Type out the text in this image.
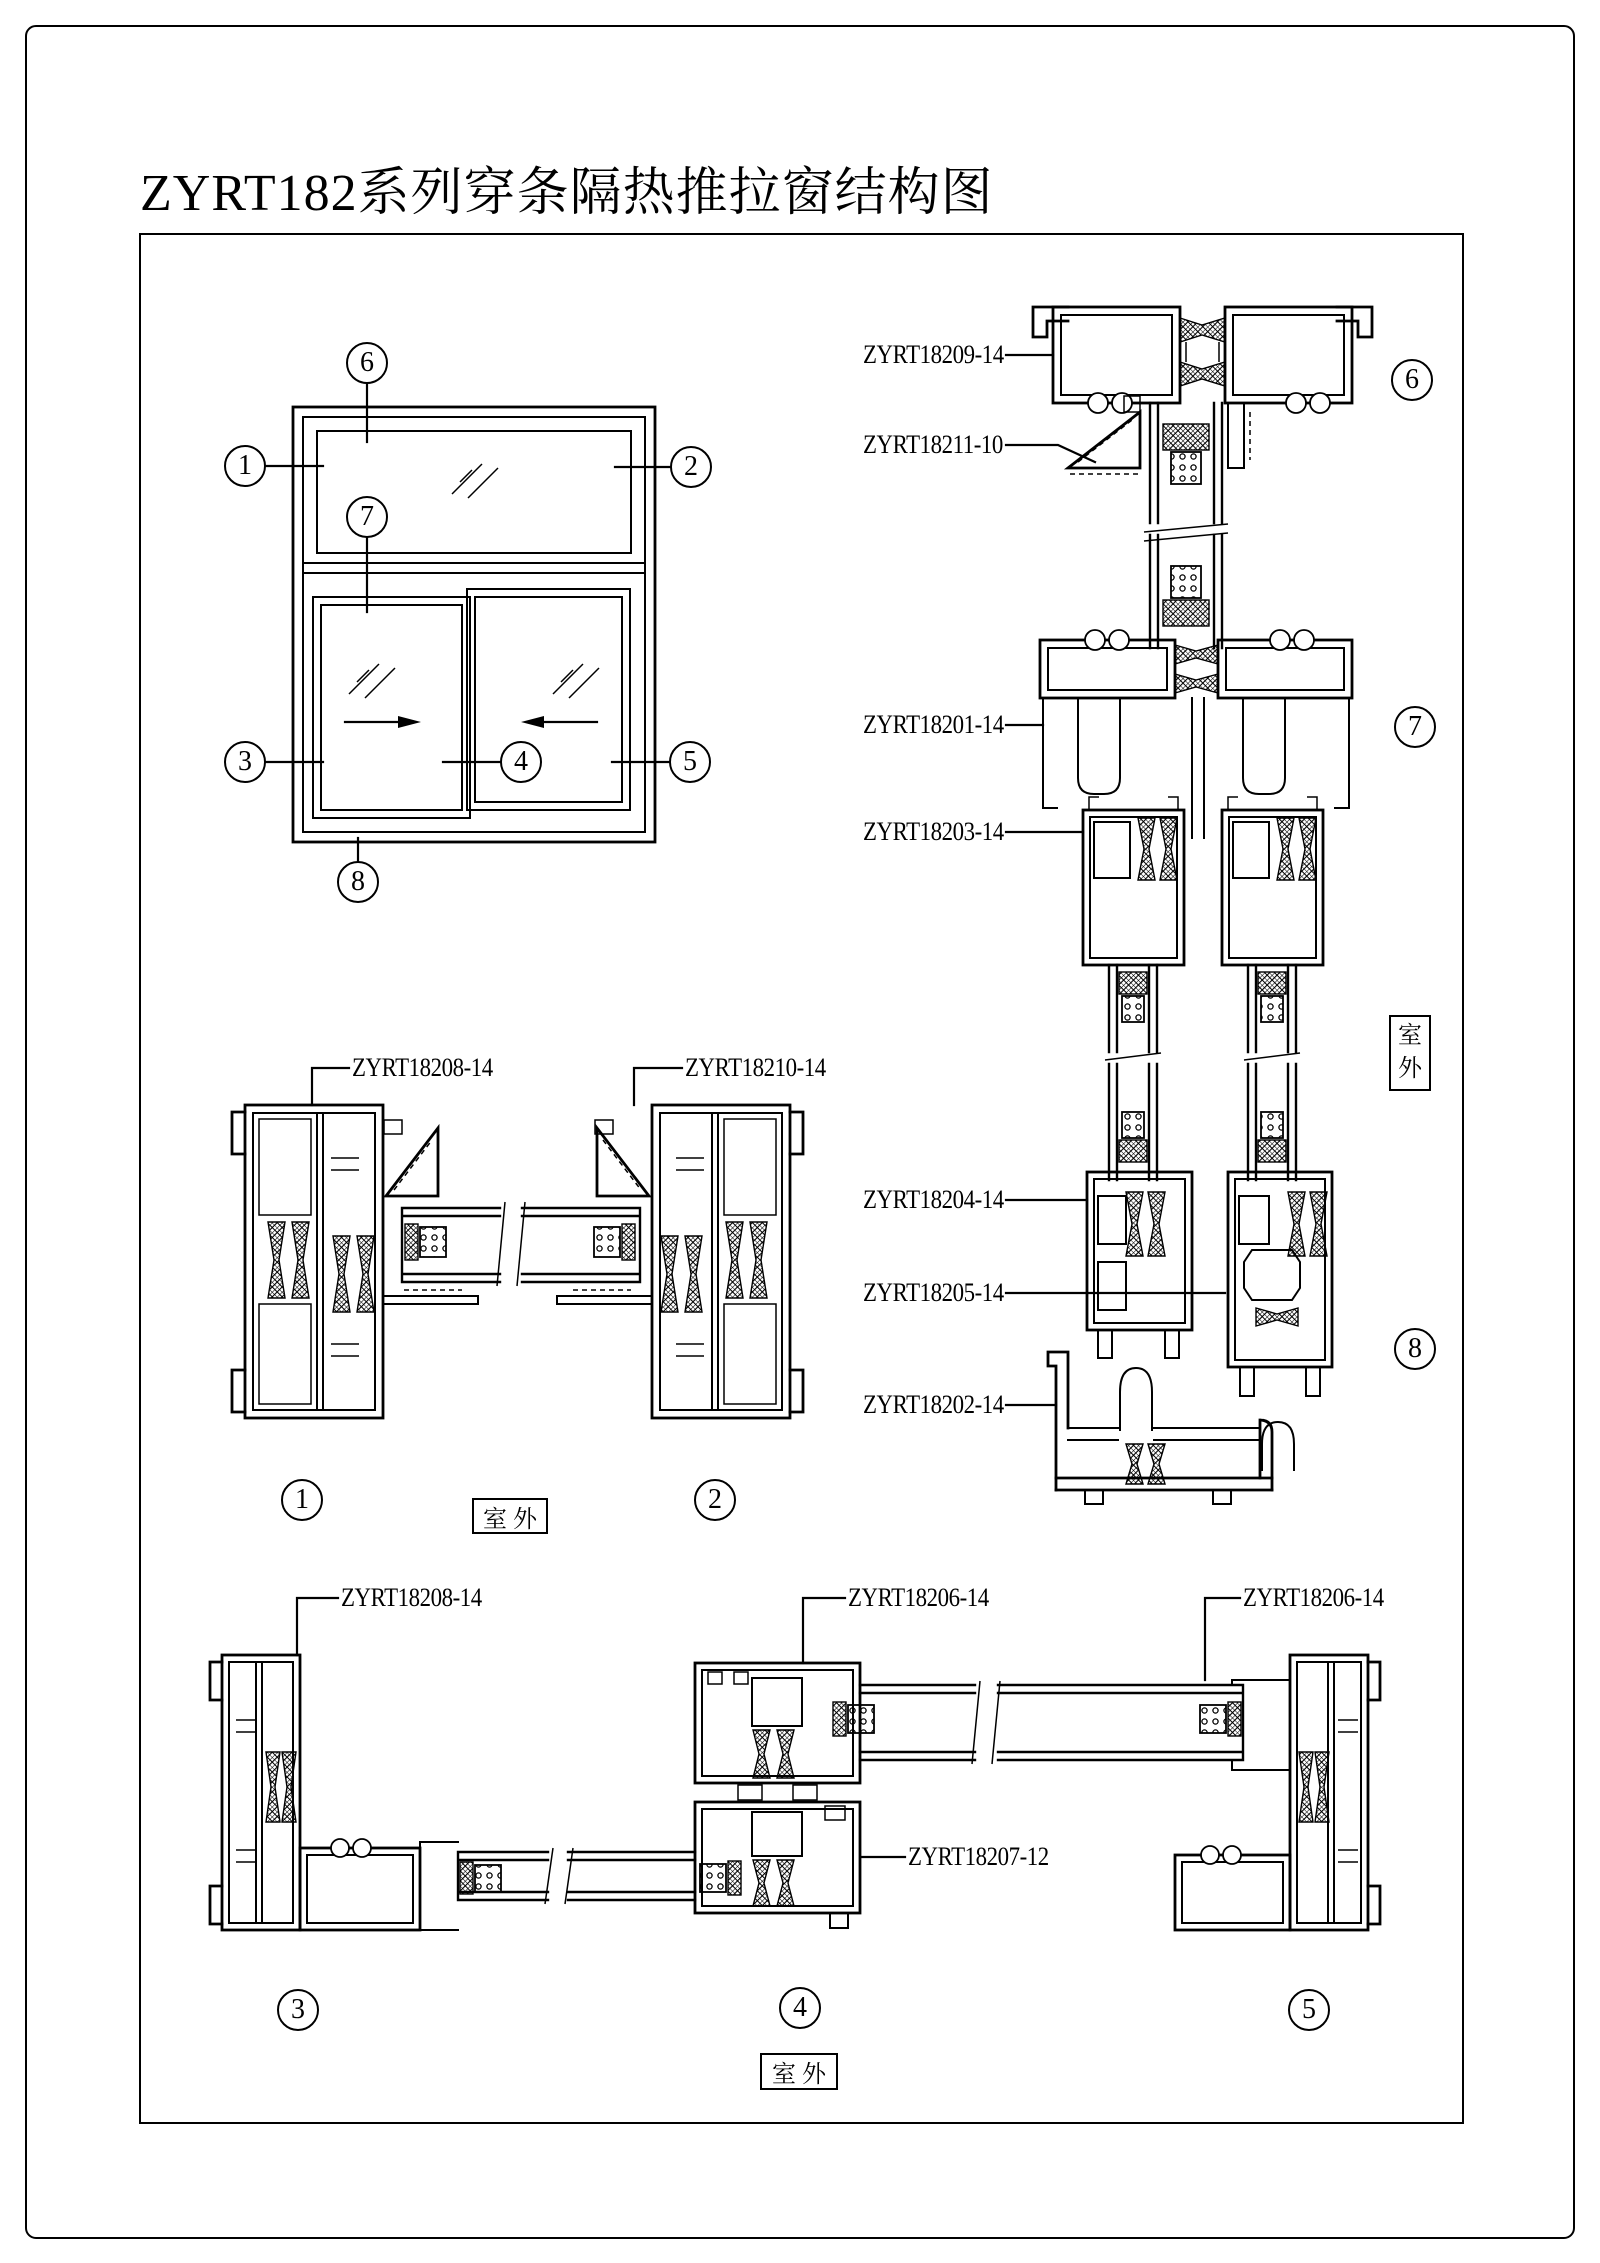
ZYRT182系列穿条隔热推拉窗结构图
ZYRT18209-14
ZYRT18211-10
ZYRT18201-14
ZYRT18203-14
ZYRT18204-14
ZYRT18205-14
ZYRT18202-14
ZYRT18208-14	ZYRT18210-14
ZYRT18208-14	ZYRT18206-14	ZYRT18206-14
ZYRT18207-12
1	2
3	4	5
6
7
8
1	2
3	4	5
6
7
8
室 外
室 外
室
外
